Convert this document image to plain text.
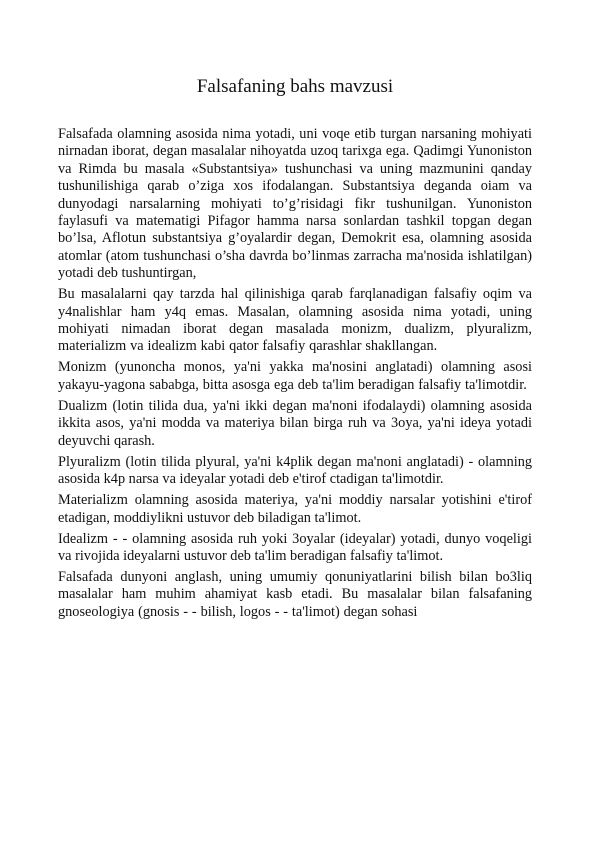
Falsafaning bahs mavzusi

Falsafada olamning asosida nima yotadi, uni voqe etib turgan narsaning mohiyati nirnadan iborat, degan masalalar nihoyatda uzoq tarixga ega. Qadimgi Yunoniston va Rimda bu masala «Substantsiya» tushunchasi va uning mazmunini qanday tushunilishiga qarab o’ziga xos ifodalangan. Substantsiya deganda oiam va dunyodagi narsalarning mohiyati to’g’risidagi fikr tushunilgan. Yunoniston faylasufi va matematigi Pifagor hamma narsa sonlardan tashkil topgan degan bo’lsa, Aflotun substantsiya g’oyalardir degan, Demokrit esa, olamning asosida atomlar (atom tushunchasi o’sha davrda bo’linmas zarracha ma'nosida ishlatilgan) yotadi deb tushuntirgan,

Bu masalalarni qay tarzda hal qilinishiga qarab farqlanadigan falsafiy oqim va y4nalishlar ham y4q emas. Masalan, olamning asosida nima yotadi, uning mohiyati nimadan iborat degan masalada monizm, dualizm, plyuralizm, materializm va idealizm kabi qator falsafiy qarashlar shakllangan.

Monizm (yunoncha monos, ya'ni yakka ma'nosini anglatadi) olamning asosi yakayu-yagona sababga, bitta asosga ega deb ta'lim beradigan falsafiy ta'limotdir.

Dualizm (lotin tilida dua, ya'ni ikki degan ma'noni ifodalaydi) olamning asosida ikkita asos, ya'ni modda va materiya bilan birga ruh va 3oya, ya'ni ideya yotadi deyuvchi qarash.

Plyuralizm (lotin tilida plyural, ya'ni k4plik degan ma'noni anglatadi) - olamning asosida k4p narsa va ideyalar yotadi deb e'tirof ctadigan ta'limotdir.

Materializm olamning asosida materiya, ya'ni moddiy narsalar yotishini e'tirof etadigan, moddiylikni ustuvor deb biladigan ta'limot.

Idealizm - - olamning asosida ruh yoki 3oyalar (ideyalar) yotadi, dunyo voqeligi va rivojida ideyalarni ustuvor deb ta'lim beradigan falsafiy ta'limot.

Falsafada dunyoni anglash, uning umumiy qonuniyatlarini bilish bilan bo3liq masalalar ham muhim ahamiyat kasb etadi. Bu masalalar bilan falsafaning gnoseologiya (gnosis - - bilish, logos - - ta'limot) degan sohasi
